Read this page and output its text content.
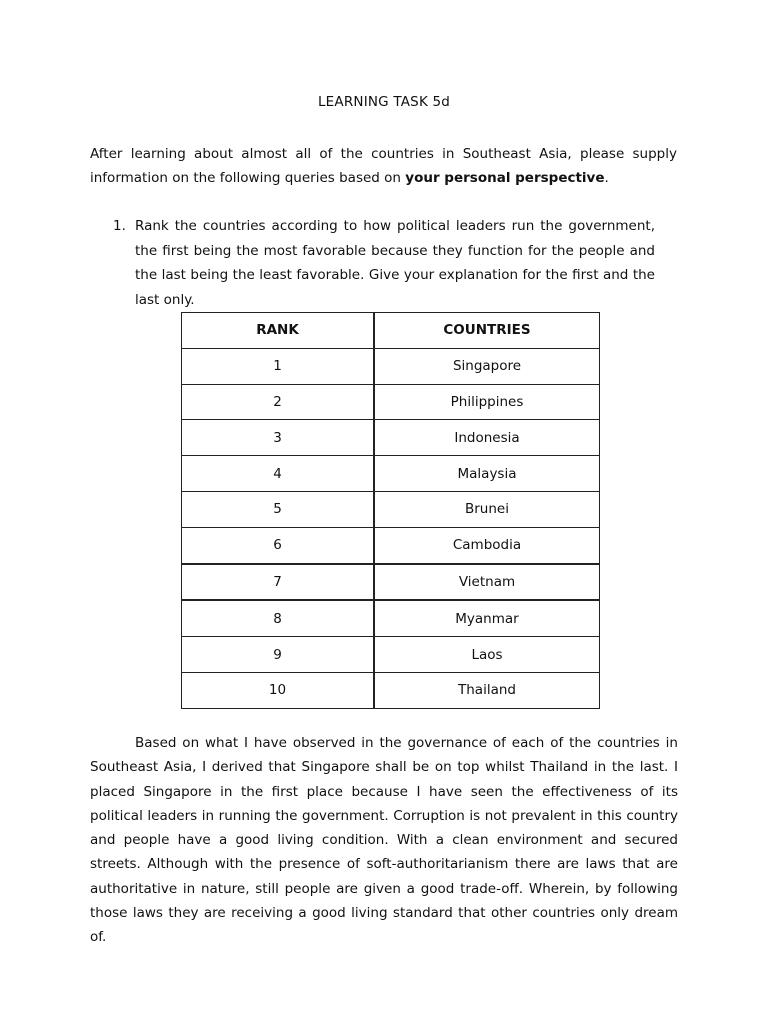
LEARNING TASK 5d

After learning about almost all of the countries in Southeast Asia, please supply information on the following queries based on your personal perspective.

1. Rank the countries according to how political leaders run the government, the first being the most favorable because they function for the people and the last being the least favorable. Give your explanation for the first and the last only.
RANK	COUNTRIES
1	Singapore
2	Philippines
3	Indonesia
4	Malaysia
5	Brunei
6	Cambodia
7	Vietnam
8	Myanmar
9	Laos
10	Thailand

Based on what I have observed in the governance of each of the countries in Southeast Asia, I derived that Singapore shall be on top whilst Thailand in the last. I placed Singapore in the first place because I have seen the effectiveness of its political leaders in running the government. Corruption is not prevalent in this country and people have a good living condition. With a clean environment and secured streets. Although with the presence of soft-authoritarianism there are laws that are authoritative in nature, still people are given a good trade-off. Wherein, by following those laws they are receiving a good living standard that other countries only dream of.
